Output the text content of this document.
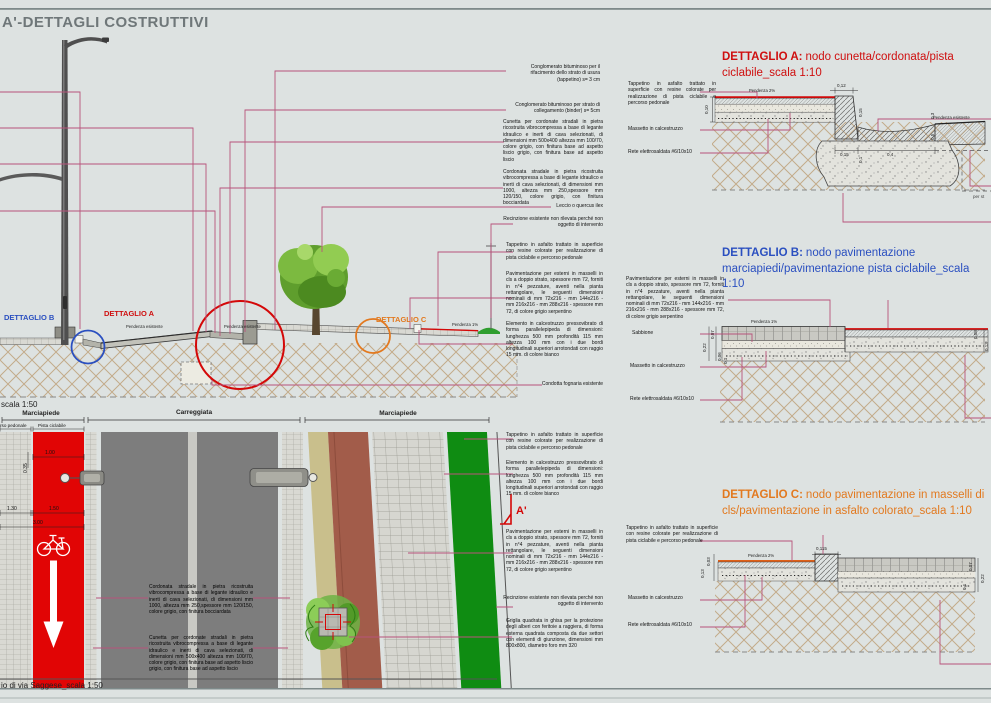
A'-DETTAGLI COSTRUTTIVI
Conglomerato bituminoso per il rifacimento dello strato di usura (tappetino) s= 3 cm
Conglomerato bituminoso per strato di collegamento (binder) s= 5cm
Cunetta per cordonate stradali in pietra ricostruita vibrocompressa a base di legante idraulico e inerti di cava selezionati, di dimensioni mm 500x400 altezza mm 100/70, colore grigio, con finitura base ad aspetto liscio grigio, con finitura base ad aspetto liscio
Cordonata stradale in pietra ricostruita vibrocompressa a base di legante idraulico e inerti di cava selezionati, di dimensioni mm 1000, altezza mm 250,spessore mm 120/150, colore grigio, con finitura bocciardata	Leccio o quercus ilex
Recinzione esistente non rilevata perché non oggetto di intervento
Tappetino in asfalto trattato in superficie con resine colorate per realizzazione di pista ciclabile e percorso pedonale
Pavimentazione per esterni in masselli in cls a doppio strato, spessore mm 72, forniti in n°4 pezzature, aventi nella pianta rettangolare, le seguenti dimensioni nominali di mm 72x216 - mm 144x216 - mm 216x216 - mm 288x216 - spessore mm 72, di colore grigio serpentino
Elemento in calcestruzzo pressovibrato di forma parallelepipeda di dimensioni: lunghezza 500 mm profondità 115 mm altezza 100 mm con i due bordi longitudinali superiori arrotondati con raggio 15 mm. di colore bianco
Condotta fognaria esistente
Tappetino in asfalto trattato in superficie con resine colorate per realizzazione di pista ciclabile e percorso pedonale
Elemento in calcestruzzo pressovibrato di forma parallelepipeda di dimensioni: lunghezza 500 mm profondità 115 mm altezza 100 mm con i due bordi longitudinali superiori arrotondati con raggio 15 mm. di colore bianco
A'
Pavimentazione per esterni in masselli in cls a doppio strato, spessore mm 72, forniti in n°4 pezzature, aventi nella pianta rettangolare, le seguenti dimensioni nominali di mm 72x216 - mm 144x216 - mm 216x216 - mm 288x216 - spessore mm 72, di colore grigio serpentino
Recinzione esistente non rilevata perché non oggetto di intervento
Griglia quadrata in ghisa per la protezione degli alberi con feritoie a raggiera, di forma esterna quadrata composta da due settori con elementi di giunzione, dimensioni mm 800x800, diametro foro mm 320
DETTAGLIO B	DETTAGLIO A
DETTAGLIO C
scala 1:50
Pendenza esistente	Pendenza esistente	Pendenza 1%
Marciapiede	Carreggiata	Marciapiede
rso pedonale Pista ciclabile
1.00
0.35
1.30	1.50
3.00
io di via Saggese_scala 1:50
Cordonata stradale in pietra ricostruita vibrocompressa a base di legante idraulico e inerti di cava selezionati, di dimensioni mm 1000, altezza mm 250,spessore mm 120/150, colore grigio, con finitura bocciardata
Cunetta per cordonate stradali in pietra ricostruita vibrocompressa a base di legante idraulico e inerti di cava selezionati, di dimensioni mm 500x400 altezza mm 100/70, colore grigio, con finitura base ad aspetto liscio grigio, con finitura base ad aspetto liscio
DETTAGLIO A: nodo cunetta/cordonata/pista ciclabile_scala 1:10
Tappetino in asfalto trattato in superficie con resine colorate per realizzazione di pista ciclabile e percorso pedonale
Massetto in calcestruzzo
Rete elettrosaldata #6/10x10
Pendenza 2%
Pendenza esistente
0,10
0,12
0,15
0,15	0,4
0,3
0,5
0,1
per st
DETTAGLIO B: nodo pavimentazione marciapiedi/pavimentazione pista ciclabile_scala 1:10
Pavimentazione per esterni in masselli in cls a doppio strato, spessore mm 72, forniti in n°4 pezzature, aventi nella pianta rettangolare, le seguenti dimensioni nominali di mm 72x216 - mm 144x216 - mm 216x216 - mm 288x216 - spessore mm 72, di colore grigio serpentino
Sabbione
Massetto in calcestruzzo
Rete elettrosaldata #6/10x10
Pendenza 1%
0,07
0,22
0,06 0,1
0,08
0,13
DETTAGLIO C: nodo pavimentazione in masselli di cls/pavimentazione in asfalto colorato_scala 1:10
Tappetino in asfalto trattato in superficie con resine colorate per realizzazione di pista ciclabile e percorso pedonale
Massetto in calcestruzzo
Rete elettrosaldata #6/10x10
Pendenza 2%
0,115
0,03
0,13
0,07
0,22
0,1
